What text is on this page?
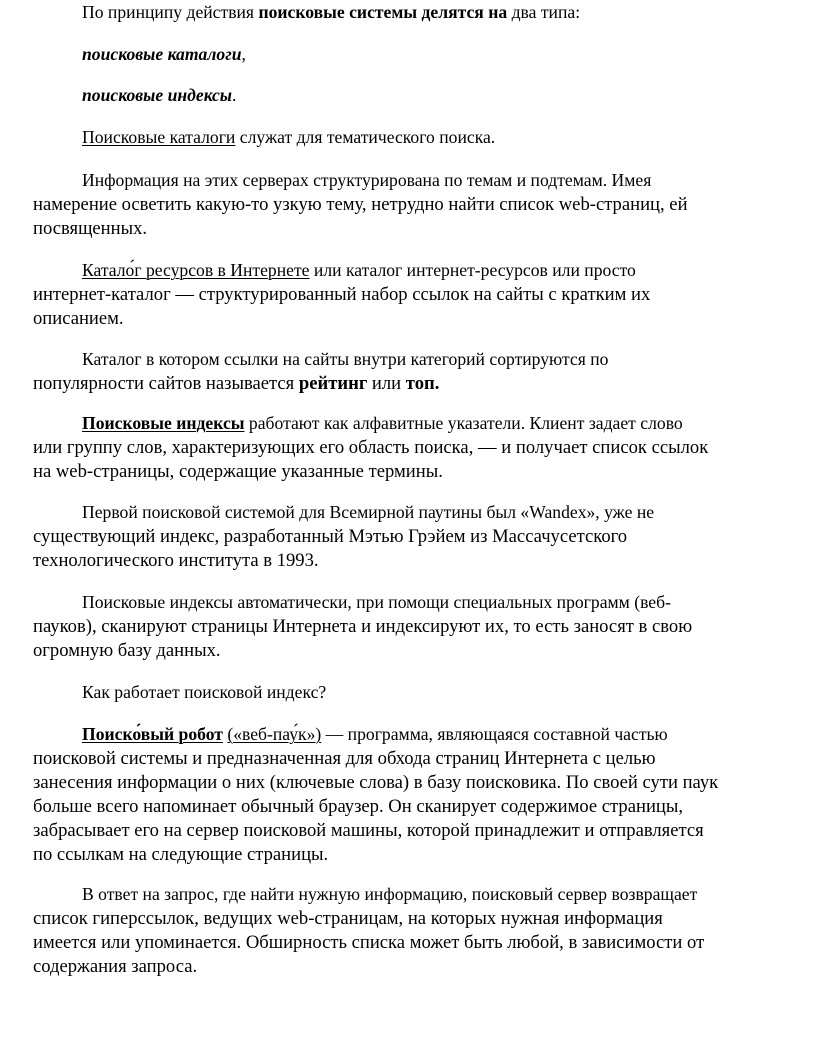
По принципу действия поисковые системы делятся на два типа:
поисковые каталоги,
поисковые индексы.
Поисковые каталоги служат для тематического поиска.
Информация на этих серверах структурирована по темам и подтемам. Имея
намерение осветить какую-то узкую тему, нетрудно найти список web-страниц, ей
посвященных.
Катало́г ресурсов в Интернете или каталог интернет-ресурсов или просто
интернет-каталог — структурированный набор ссылок на сайты с кратким их
описанием.
Каталог в котором ссылки на сайты внутри категорий сортируются по
популярности сайтов называется рейтинг или топ.
Поисковые индексы работают как алфавитные указатели. Клиент задает слово
или группу слов, характеризующих его область поиска, — и получает список ссылок
на web-страницы, содержащие указанные термины.
Первой поисковой системой для Всемирной паутины был «Wandex», уже не
существующий индекс, разработанный Мэтью Грэйем из Массачусетского
технологического института в 1993.
Поисковые индексы автоматически, при помощи специальных программ (веб-
пауков), сканируют страницы Интернета и индексируют их, то есть заносят в свою
огромную базу данных.
Как работает поисковой индекс?
Поиско́вый робот («веб-пау́к») — программа, являющаяся составной частью
поисковой системы и предназначенная для обхода страниц Интернета с целью
занесения информации о них (ключевые слова) в базу поисковика. По своей сути паук
больше всего напоминает обычный браузер. Он сканирует содержимое страницы,
забрасывает его на сервер поисковой машины, которой принадлежит и отправляется
по ссылкам на следующие страницы.
В ответ на запрос, где найти нужную информацию, поисковый сервер возвращает
список гиперссылок, ведущих web-страницам, на которых нужная информация
имеется или упоминается. Обширность списка может быть любой, в зависимости от
содержания запроса.
